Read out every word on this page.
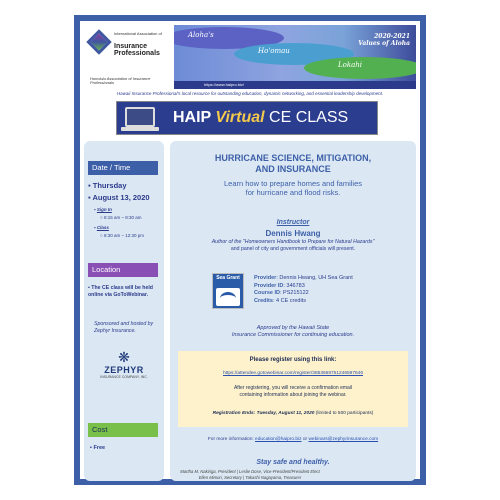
International Association of
Insurance Professionals
Honolulu Association of Insurance Professionals
Aloha's
Ho'omau
Lokahi
2020-2021
Values of Aloha
https://www.haipro.biz/
Hawaii Insurance Professional's local resource for outstanding education, dynamic networking, and essential leadership development.
HAIP Virtual CE CLASS
Date / Time
▪ Thursday
▪ August 13, 2020
▪ Sign In
○ 8:15 am – 8:30 am
▪ Class
○ 8:30 am – 12:30 pm
Location
▪ The CE class will be held online via GoToWebinar.
Sponsored and hosted by Zephyr Insurance.
❋
ZEPHYR
INSURANCE COMPANY, INC.
Cost
▪ Free
HURRICANE SCIENCE, MITIGATION,
AND INSURANCE
Learn how to prepare homes and families
for hurricane and flood risks.
Instructor
Dennis Hwang
Author of the "Homeowners Handbook to Prepare for Natural Hazards"
and panel of city and government officials will present.
Sea Grant	Provider: Dennis Hwang, UH Sea Grant
Provider ID: 346783
Course ID: PS215122
Credits: 4 CE credits
Approved by the Hawaii State
Insurance Commissioner for continuing education.
Please register using this link:
https://attendee.gotowebinar.com/register/3853668751246597646
After registering, you will receive a confirmation email
containing information about joining the webinar.
Registration Ends: Tuesday, August 11, 2020 (limited to 500 participants)
For more information: education@haipro.biz or webinars@zephyrinsurance.com
Stay safe and healthy.
Martha M. Nakiriga, President | Leslie Dose, Vice-President/President Elect
Ellen Mimori, Secretary | Takashi Nagayama, Treasurer
